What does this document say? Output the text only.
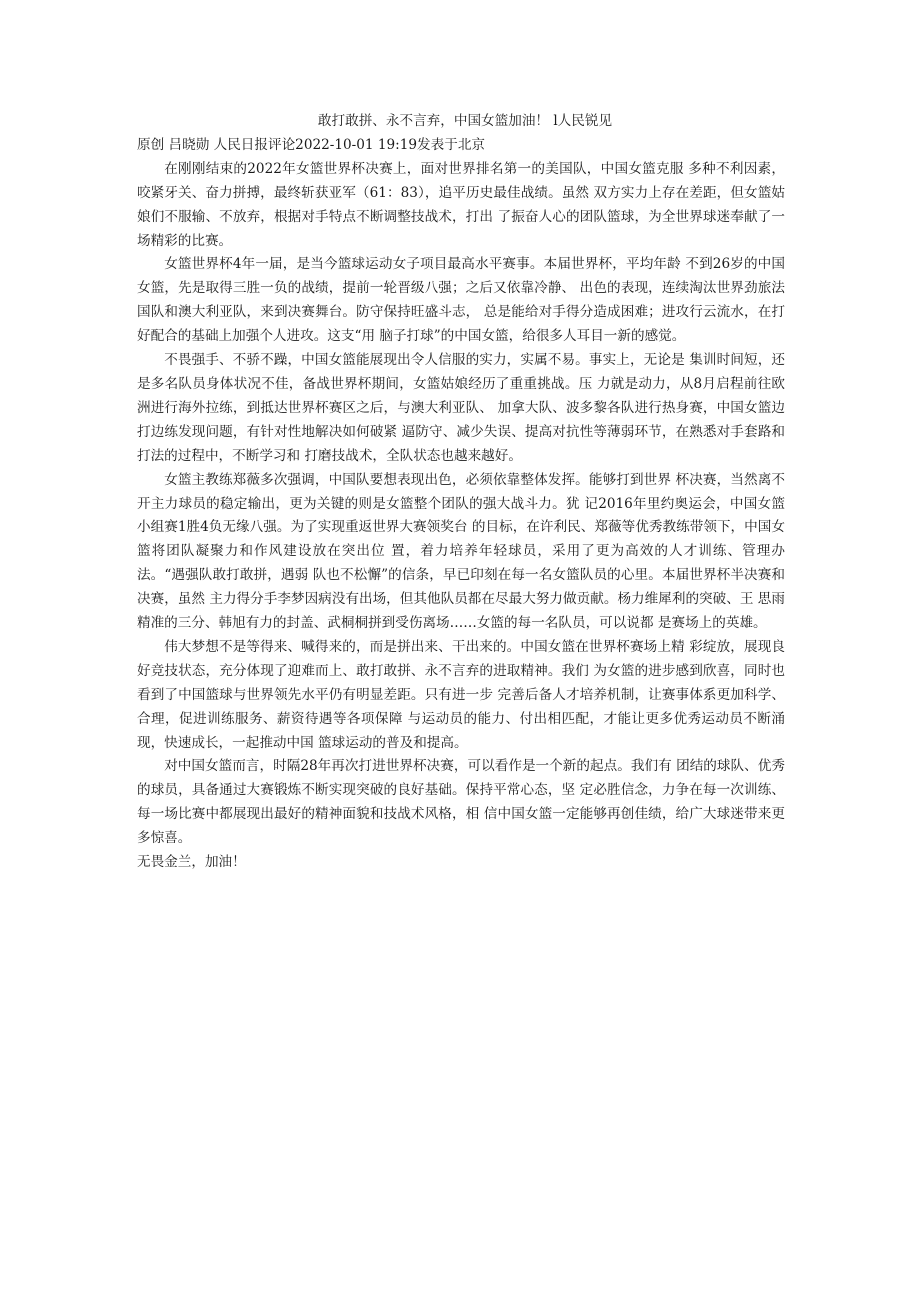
敢打敢拼、永不言弃，中国女篮加油！ l人民锐见

原创 吕晓勋 人民日报评论2022-10-01 19:19发表于北京

在刚刚结束的2022年女篮世界杯决赛上，面对世界排名第一的美国队，中国女篮克服 多种不利因素，咬紧牙关、奋力拼搏，最终斩获亚军（61：83），追平历史最佳战绩。虽然 双方实力上存在差距，但女篮姑娘们不服输、不放弃，根据对手特点不断调整技战术，打出 了振奋人心的团队篮球，为全世界球迷奉献了一场精彩的比赛。

女篮世界杯4年一届，是当今篮球运动女子项目最高水平赛事。本届世界杯，平均年龄 不到26岁的中国女篮，先是取得三胜一负的战绩，提前一轮晋级八强；之后又依靠冷静、 出色的表现，连续淘汰世界劲旅法国队和澳大利亚队，来到决赛舞台。防守保持旺盛斗志， 总是能给对手得分造成困难；进攻行云流水，在打好配合的基础上加强个人进攻。这支“用 脑子打球”的中国女篮，给很多人耳目一新的感觉。

不畏强手、不骄不躁，中国女篮能展现出令人信服的实力，实属不易。事实上，无论是 集训时间短，还是多名队员身体状况不佳，备战世界杯期间，女篮姑娘经历了重重挑战。压 力就是动力，从8月启程前往欧洲进行海外拉练，到抵达世界杯赛区之后，与澳大利亚队、 加拿大队、波多黎各队进行热身赛，中国女篮边打边练发现问题，有针对性地解决如何破紧 逼防守、减少失误、提高对抗性等薄弱环节，在熟悉对手套路和打法的过程中，不断学习和 打磨技战术，全队状态也越来越好。

女篮主教练郑薇多次强调，中国队要想表现出色，必须依靠整体发挥。能够打到世界 杯决赛，当然离不开主力球员的稳定输出，更为关键的则是女篮整个团队的强大战斗力。犹 记2016年里约奥运会，中国女篮小组赛1胜4负无缘八强。为了实现重返世界大赛领奖台 的目标，在许利民、郑薇等优秀教练带领下，中国女篮将团队凝聚力和作风建设放在突出位 置，着力培养年轻球员，采用了更为高效的人才训练、管理办法。“遇强队敢打敢拼，遇弱 队也不松懈”的信条，早已印刻在每一名女篮队员的心里。本届世界杯半决赛和决赛，虽然 主力得分手李梦因病没有出场，但其他队员都在尽最大努力做贡献。杨力维犀利的突破、王 思雨精准的三分、韩旭有力的封盖、武桐桐拼到受伤离场……女篮的每一名队员，可以说都 是赛场上的英雄。

伟大梦想不是等得来、喊得来的，而是拼出来、干出来的。中国女篮在世界杯赛场上精 彩绽放，展现良好竞技状态，充分体现了迎难而上、敢打敢拼、永不言弃的进取精神。我们 为女篮的进步感到欣喜，同时也看到了中国篮球与世界领先水平仍有明显差距。只有进一步 完善后备人才培养机制，让赛事体系更加科学、合理，促进训练服务、薪资待遇等各项保障 与运动员的能力、付出相匹配，才能让更多优秀运动员不断涌现，快速成长，一起推动中国 篮球运动的普及和提高。

对中国女篮而言，时隔28年再次打进世界杯决赛，可以看作是一个新的起点。我们有 团结的球队、优秀的球员，具备通过大赛锻炼不断实现突破的良好基础。保持平常心态，坚 定必胜信念，力争在每一次训练、每一场比赛中都展现出最好的精神面貌和技战术风格，相 信中国女篮一定能够再创佳绩，给广大球迷带来更多惊喜。

无畏金兰，加油！
